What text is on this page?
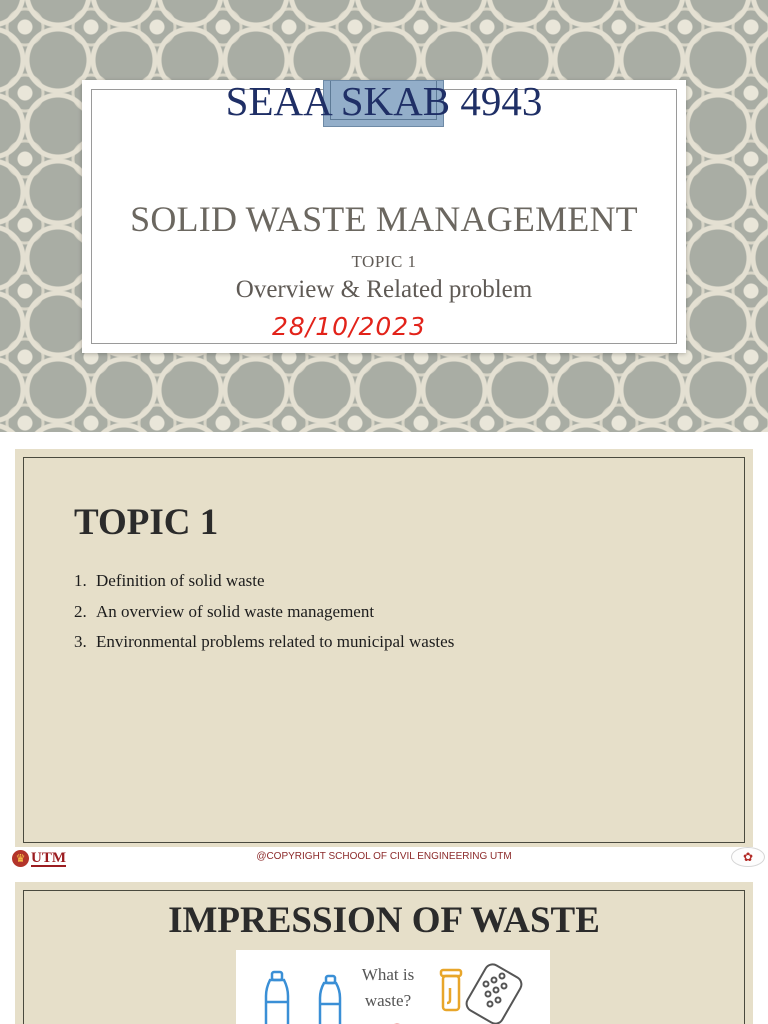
SEAA SKAB 4943
SOLID WASTE MANAGEMENT
TOPIC 1
Overview & Related problem
28/10/2023
TOPIC 1
1. Definition of solid waste
2. An overview of solid waste management
3. Environmental problems related to municipal wastes
♛ UTM	@COPYRIGHT SCHOOL OF CIVIL ENGINEERING UTM	✿
IMPRESSION OF WASTE
What is
waste?
